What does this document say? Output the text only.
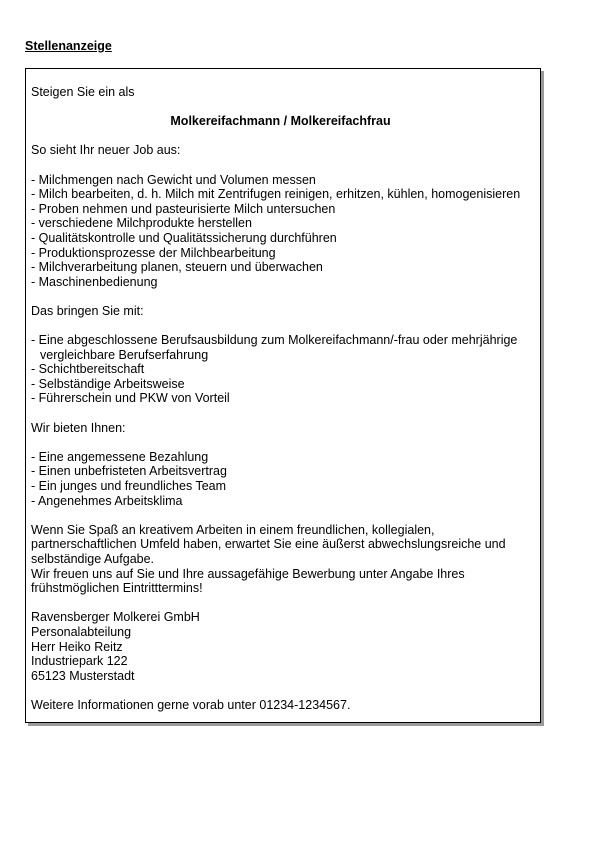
Stellenanzeige
Steigen Sie ein als
Molkereifachmann / Molkereifachfrau
So sieht Ihr neuer Job aus:
- Milchmengen nach Gewicht und Volumen messen
- Milch bearbeiten, d. h. Milch mit Zentrifugen reinigen, erhitzen, kühlen, homogenisieren
- Proben nehmen und pasteurisierte Milch untersuchen
- verschiedene Milchprodukte herstellen
- Qualitätskontrolle und Qualitätssicherung durchführen
- Produktionsprozesse der Milchbearbeitung
- Milchverarbeitung planen, steuern und überwachen
- Maschinenbedienung
Das bringen Sie mit:
- Eine abgeschlossene Berufsausbildung zum Molkereifachmann/-frau oder mehrjährige
vergleichbare Berufserfahrung
- Schichtbereitschaft
- Selbständige Arbeitsweise
- Führerschein und PKW von Vorteil
Wir bieten Ihnen:
- Eine angemessene Bezahlung
- Einen unbefristeten Arbeitsvertrag
- Ein junges und freundliches Team
- Angenehmes Arbeitsklima
Wenn Sie Spaß an kreativem Arbeiten in einem freundlichen, kollegialen,
partnerschaftlichen Umfeld haben, erwartet Sie eine äußerst abwechslungsreiche und
selbständige Aufgabe.
Wir freuen uns auf Sie und Ihre aussagefähige Bewerbung unter Angabe Ihres
frühstmöglichen Eintritttermins!
Ravensberger Molkerei GmbH
Personalabteilung
Herr Heiko Reitz
Industriepark 122
65123 Musterstadt
Weitere Informationen gerne vorab unter 01234-1234567.
